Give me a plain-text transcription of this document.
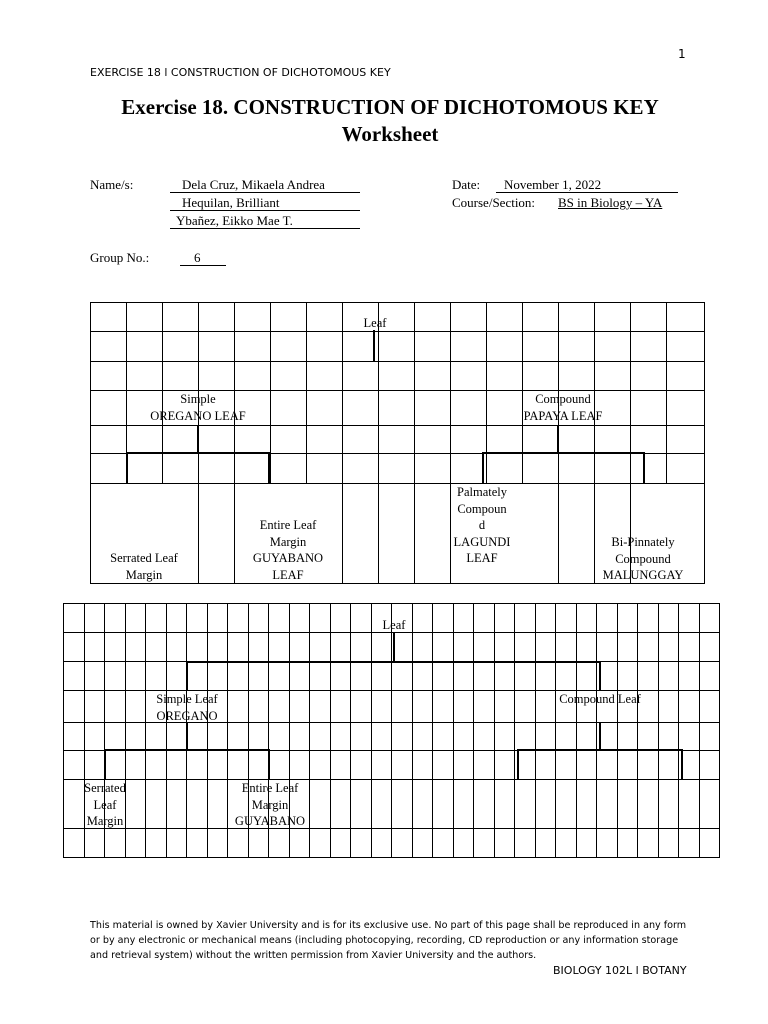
1
EXERCISE 18 l CONSTRUCTION OF DICHOTOMOUS KEY
Exercise 18. CONSTRUCTION OF DICHOTOMOUS KEY
Worksheet
Name/s:	Dela Cruz, Mikaela Andrea
Hequilan, Brilliant
Ybañez, Eikko Mae T.
Date:	November 1, 2022
Course/Section: BS in Biology – YA
Group No.:	6

Leaf
Simple
OREGANO LEAF
Compound
PAPAYA LEAF
Serrated Leaf
Margin
Entire Leaf
Margin
GUYABANO
LEAF
Palmately
Compoun
d
LAGUNDI
LEAF
Bi-Pinnately
Compound
MALUNGGAY

Leaf
Simple Leaf
OREGANO
Compound Leaf
Serrated
Leaf
Margin
Entire Leaf
Margin
GUYABANO
This material is owned by Xavier University and is for its exclusive use. No part of this page shall be reproduced in any form or by any electronic or mechanical means (including photocopying, recording, CD reproduction or any information storage and retrieval system) without the written permission from Xavier University and the authors.
BIOLOGY 102L l BOTANY
